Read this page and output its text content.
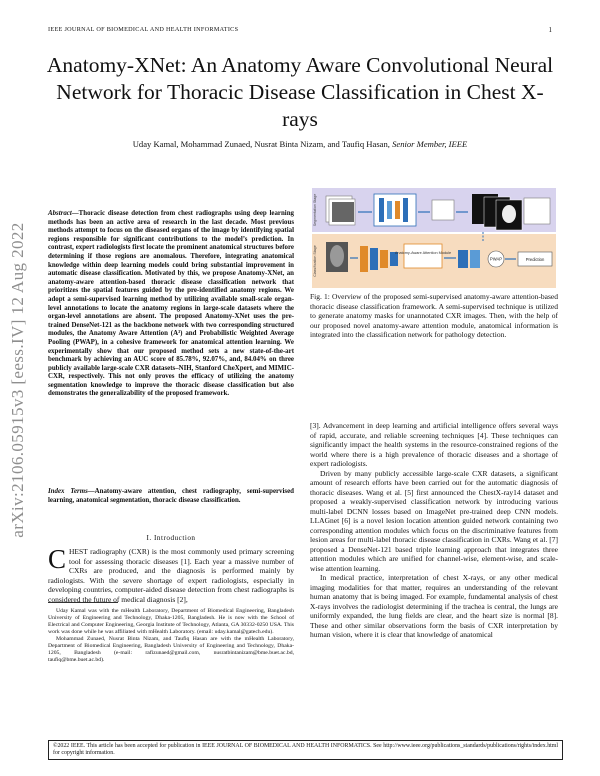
IEEE JOURNAL OF BIOMEDICAL AND HEALTH INFORMATICS	1
Anatomy-XNet: An Anatomy Aware Convolutional Neural Network for Thoracic Disease Classification in Chest X-rays
Uday Kamal, Mohammad Zunaed, Nusrat Binta Nizam, and Taufiq Hasan, Senior Member, IEEE
arXiv:2106.05915v3 [eess.IV] 12 Aug 2022
Abstract—Thoracic disease detection from chest radiographs using deep learning methods has been an active area of research in the last decade. Most previous methods attempt to focus on the diseased organs of the image by identifying spatial regions responsible for significant contributions to the model’s prediction. In contrast, expert radiologists first locate the prominent anatomical structures before determining if those regions are anomalous. Therefore, integrating anatomical knowledge within deep learning models could bring substantial improvement in automatic disease classification. Motivated by this, we propose Anatomy-XNet, an anatomy-aware attention-based thoracic disease classification network that prioritizes the spatial features guided by the pre-identified anatomy regions. We adopt a semi-supervised learning method by utilizing available small-scale organ-level annotations to locate the anatomy regions in large-scale datasets where the organ-level annotations are absent. The proposed Anatomy-XNet uses the pre-trained DenseNet-121 as the backbone network with two corresponding structured modules, the Anatomy Aware Attention (A³) and Probabilistic Weighted Average Pooling (PWAP), in a cohesive framework for anatomical attention learning. We experimentally show that our proposed method sets a new state-of-the-art benchmark by achieving an AUC score of 85.78%, 92.07%, and, 84.04% on three publicly available large-scale CXR datasets–NIH, Stanford CheXpert, and MIMIC-CXR, respectively. This not only proves the efficacy of utilizing the anatomy segmentation knowledge to improve the thoracic disease classification but also demonstrates the generalizability of the proposed framework.
Index Terms—Anatomy-aware attention, chest radiography, semi-supervised learning, anatomical segmentation, thoracic disease classification.
I. Introduction
CHEST radiography (CXR) is the most commonly used primary screening tool for assessing thoracic diseases [1]. Each year a massive number of CXRs are produced, and the diagnosis is performed mainly by radiologists. With the severe shortage of expert radiologists, especially in developing countries, computer-aided disease detection from chest radiographs is considered the future of medical diagnosis [2],

Uday Kamal was with the mHealth Laboratory, Department of Biomedical Engineering, Bangladesh University of Engineering and Technology, Dhaka-1205, Bangladesh. He is now with the School of Electrical and Computer Engineering, Georgia Institute of Technology, Atlanta, GA 30332-0250 USA. This work was done while he was affiliated with mHealth Laboratory. (email: uday.kamal@gatech.edu).

Mohammad Zunaed, Nusrat Binta Nizam, and Taufiq Hasan are with the mHealth Laboratory, Department of Biomedical Engineering, Bangladesh University of Engineering and Technology, Dhaka-1205, Bangladesh (e-mail: rafizunaed@gmail.com, nusratbintanizam@bme.buet.ac.bd, taufiq@bme.buet.ac.bd).

Segmentation Stage
Classification Stage	Anatomy-Aware Attention Module
PWAP	Prediction
Fig. 1: Overview of the proposed semi-supervised anatomy-aware attention-based thoracic disease classification framework. A semi-supervised technique is utilized to generate anatomy masks for unannotated CXR images. Then, with the help of our proposed novel anatomy-aware attention module, anatomical information is integrated into the classification network for pathology detection.

[3]. Advancement in deep learning and artificial intelligence offers several ways of rapid, accurate, and reliable screening techniques [4]. These techniques can significantly impact the health systems in the resource-constrained regions of the world where there is a high prevalence of thoracic diseases and a shortage of expert radiologists.

Driven by many publicly accessible large-scale CXR datasets, a significant amount of research efforts have been carried out for the automatic diagnosis of thoracic diseases. Wang et al. [5] first announced the ChestX-ray14 dataset and proposed a weakly-supervised classification network by introducing various multi-label DCNN losses based on ImageNet pre-trained deep CNN models. LLAGnet [6] is a novel lesion location attention guided network containing two corresponding attention modules which focus on the discriminative features from lesion areas for multi-label thoracic disease classification in CXRs. Wang et al. [7] proposed a DenseNet-121 based triple learning approach that integrates three attention modules which are unified for channel-wise, element-wise, and scale-wise attention learning.

In medical practice, interpretation of chest X-rays, or any other medical imaging modalities for that matter, requires an understanding of the relevant human anatomy that is being imaged. For example, fundamental analysis of chest X-rays involves the radiologist determining if the trachea is central, the lungs are uniformly expanded, the lung fields are clear, and the heart size is normal [8]. These and other similar observations form the basis of CXR interpretation by human vision, where it is clear that knowledge of anatomical

©2022 IEEE. This article has been accepted for publication in IEEE JOURNAL OF BIOMEDICAL AND HEALTH INFORMATICS. See http://www.ieee.org/publications_standards/publications/rights/index.html for copyright information.
